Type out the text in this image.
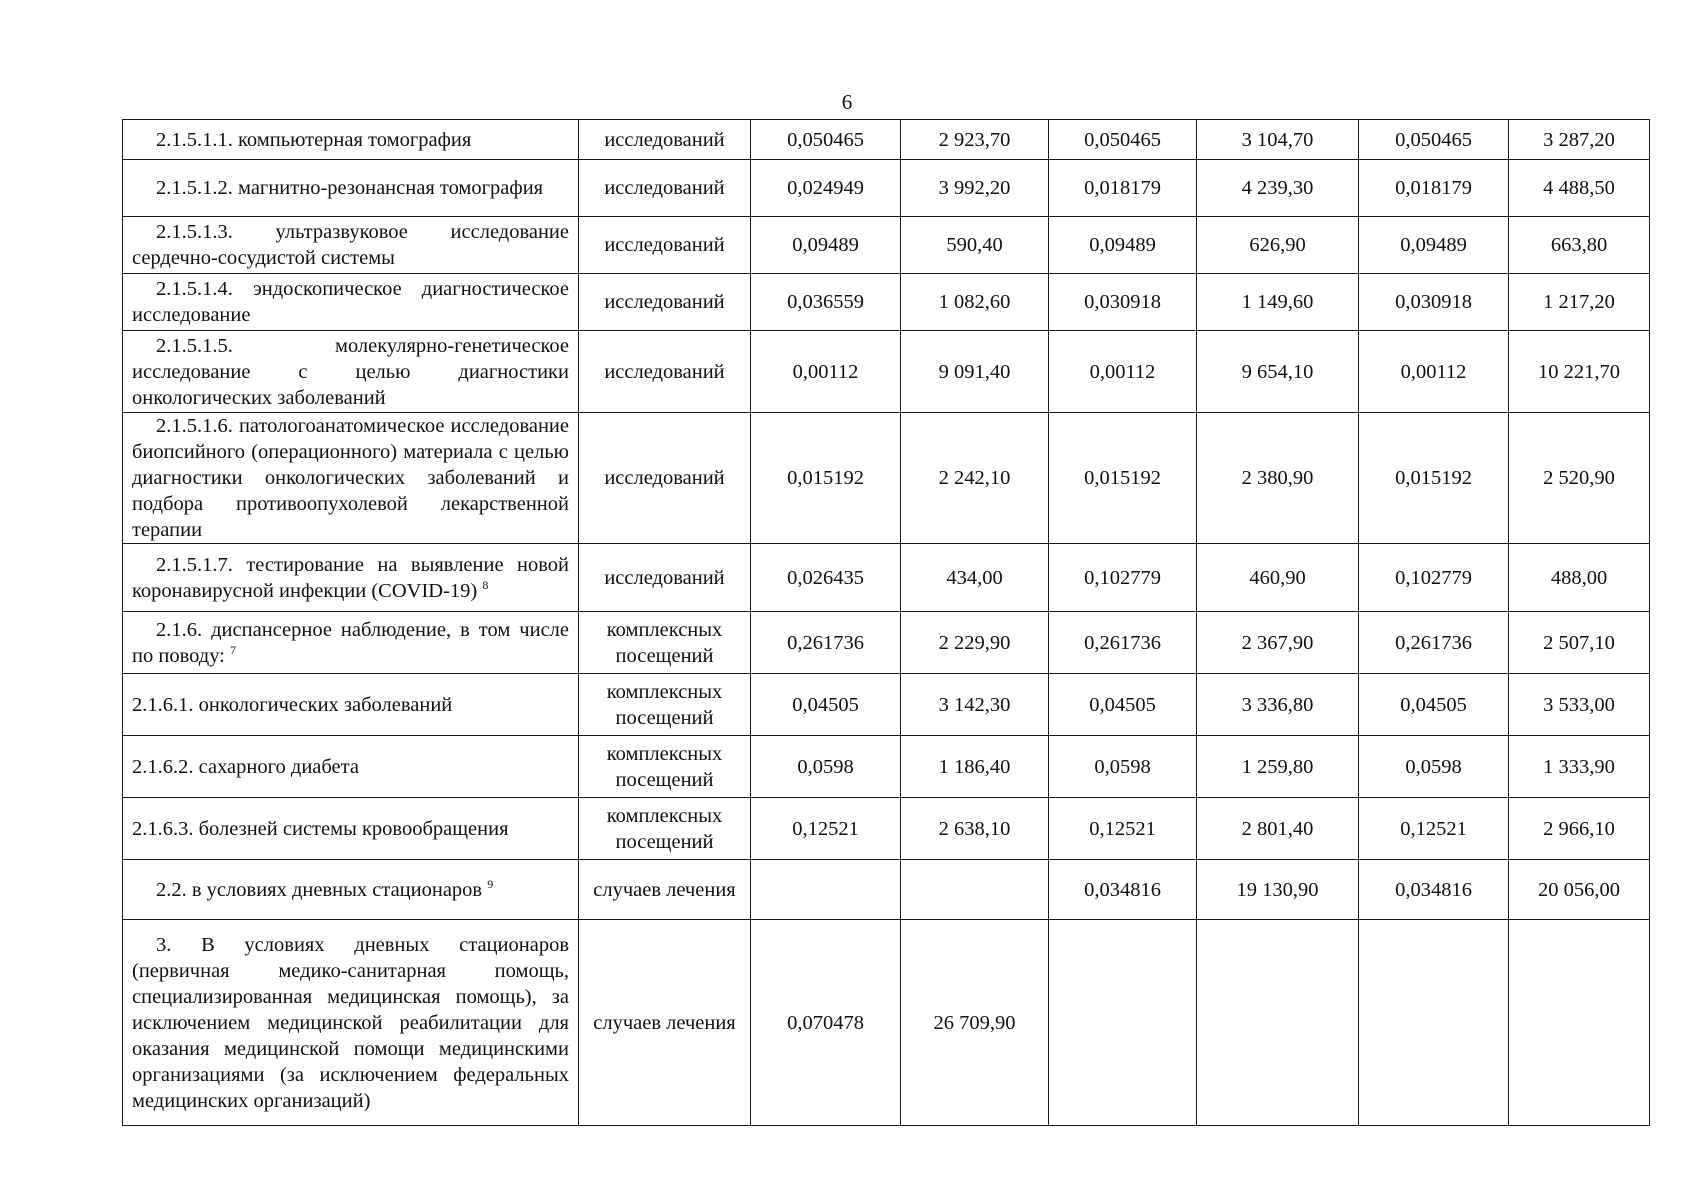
6
2.1.5.1.1. компьютерная томография	исследований	0,050465	2 923,70	0,050465	3 104,70	0,050465	3 287,20
2.1.5.1.2. магнитно-резонансная томография	исследований	0,024949	3 992,20	0,018179	4 239,30	0,018179	4 488,50
2.1.5.1.3. ультразвуковое исследование сердечно-сосудистой системы	исследований	0,09489	590,40	0,09489	626,90	0,09489	663,80
2.1.5.1.4. эндоскопическое диагностическое исследование	исследований	0,036559	1 082,60	0,030918	1 149,60	0,030918	1 217,20
2.1.5.1.5. молекулярно-генетическое исследование с целью диагностики онкологических заболеваний	исследований	0,00112	9 091,40	0,00112	9 654,10	0,00112	10 221,70
2.1.5.1.6. патологоанатомическое исследование биопсийного (операционного) материала с целью диагностики онкологических заболеваний и подбора противоопухолевой лекарственной терапии	исследований	0,015192	2 242,10	0,015192	2 380,90	0,015192	2 520,90
2.1.5.1.7. тестирование на выявление новой коронавирусной инфекции (COVID-19) $^8$	исследований	0,026435	434,00	0,102779	460,90	0,102779	488,00
2.1.6. диспансерное наблюдение, в том числе по поводу: $^7$	комплексных посещений	0,261736	2 229,90	0,261736	2 367,90	0,261736	2 507,10
2.1.6.1. онкологических заболеваний	комплексных посещений	0,04505	3 142,30	0,04505	3 336,80	0,04505	3 533,00
2.1.6.2. сахарного диабета	комплексных посещений	0,0598	1 186,40	0,0598	1 259,80	0,0598	1 333,90
2.1.6.3. болезней системы кровообращения	комплексных посещений	0,12521	2 638,10	0,12521	2 801,40	0,12521	2 966,10
2.2. в условиях дневных стационаров $^9$	случаев лечения			0,034816	19 130,90	0,034816	20 056,00
3. В условиях дневных стационаров (первичная медико-санитарная помощь, специализированная медицинская помощь), за исключением медицинской реабилитации для оказания медицинской помощи медицинскими организациями (за исключением федеральных медицинских организаций)	случаев лечения	0,070478	26 709,90				
